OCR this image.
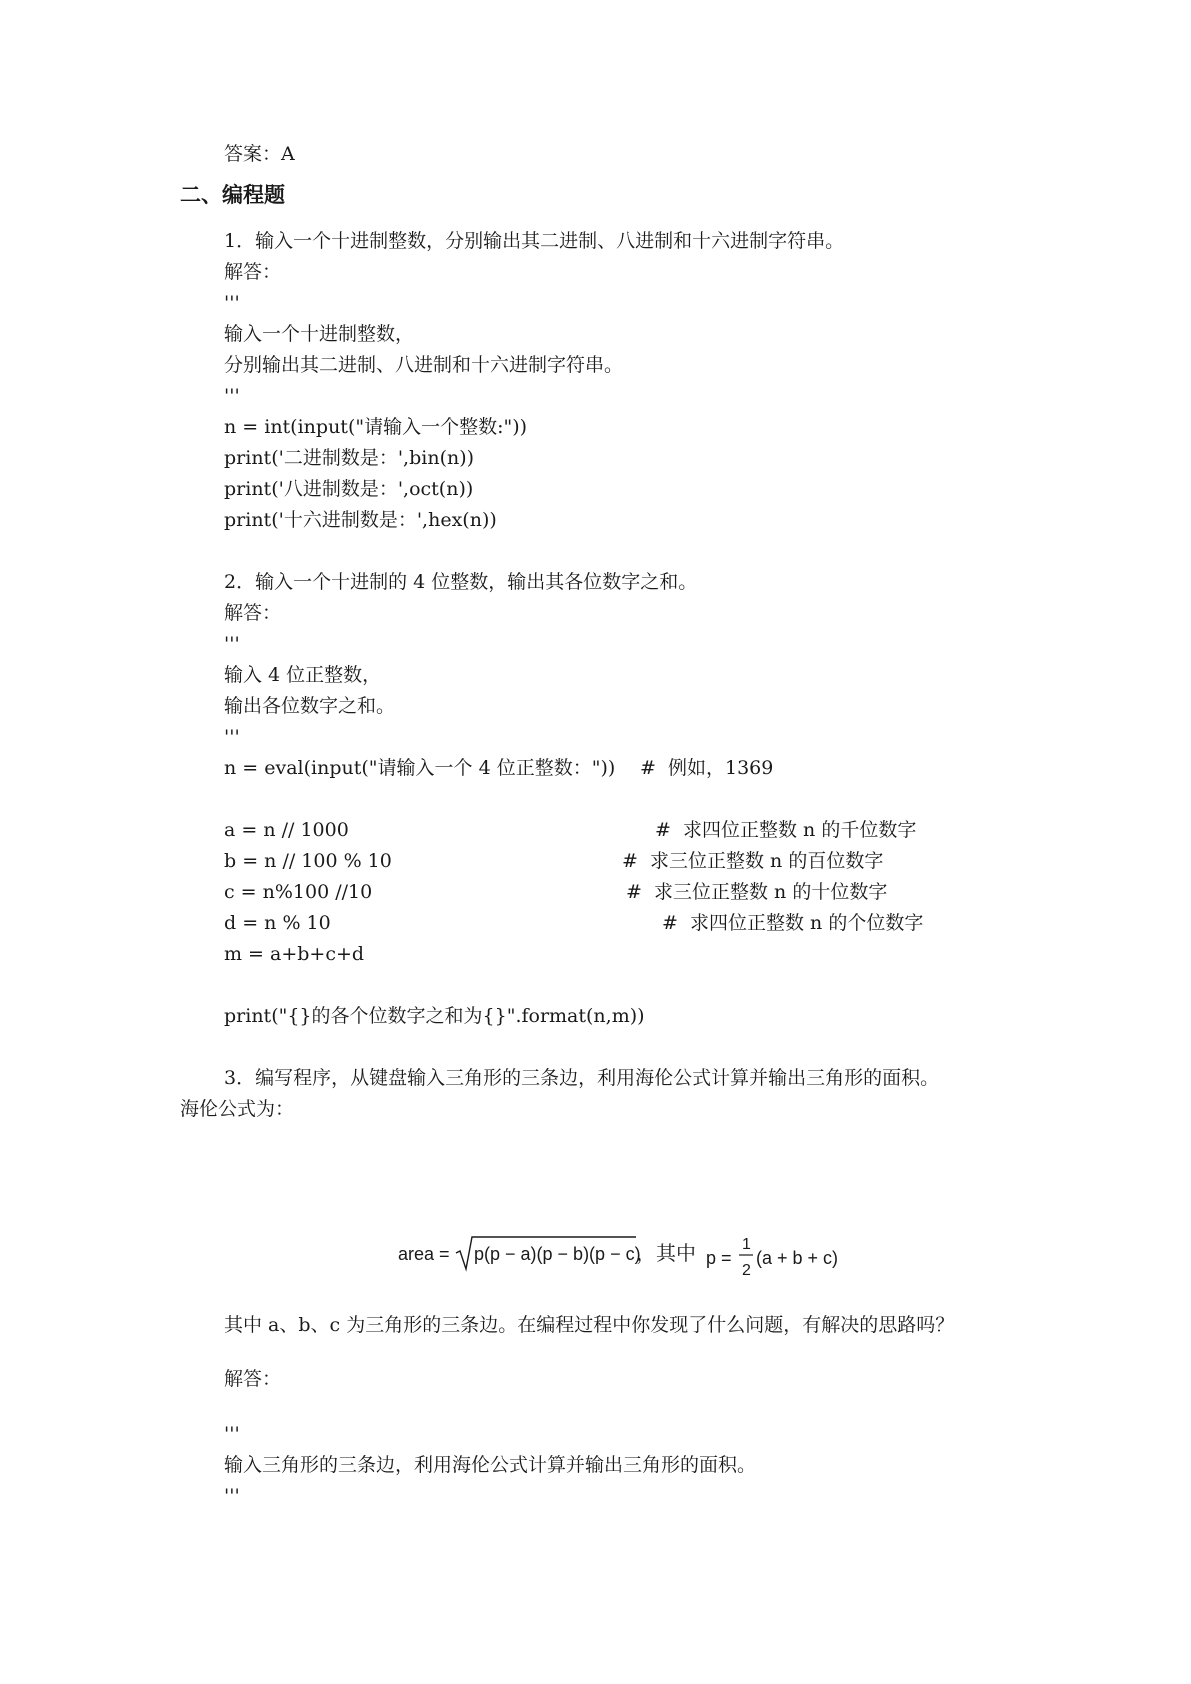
答案：A
二、编程题
1．输入一个十进制整数，分别输出其二进制、八进制和十六进制字符串。
解答：
'''
输入一个十进制整数，
分别输出其二进制、八进制和十六进制字符串。
'''
n = int(input("请输入一个整数:"))
print('二进制数是：',bin(n))
print('八进制数是：',oct(n))
print('十六进制数是：',hex(n))
2．输入一个十进制的 4 位整数，输出其各位数字之和。
解答：
'''
输入 4 位正整数，
输出各位数字之和。
'''
n = eval(input("请输入一个 4 位正整数：")) #  例如，1369
a = n // 1000	#  求四位正整数 n 的千位数字
b = n // 100 % 10	#  求三位正整数 n 的百位数字
c = n%100 //10	#  求三位正整数 n 的十位数字
d = n % 10	#  求四位正整数 n 的个位数字
m = a+b+c+d
print("{}的各个位数字之和为{}".format(n,m))
3．编写程序，从键盘输入三角形的三条边，利用海伦公式计算并输出三角形的面积。
海伦公式为：
area = p(p − a)(p − b)(p − c)
，其中 p =
1
2
(a + b + c)
其中 a、b、c 为三角形的三条边。在编程过程中你发现了什么问题，有解决的思路吗？
解答：
'''
输入三角形的三条边，利用海伦公式计算并输出三角形的面积。
'''
